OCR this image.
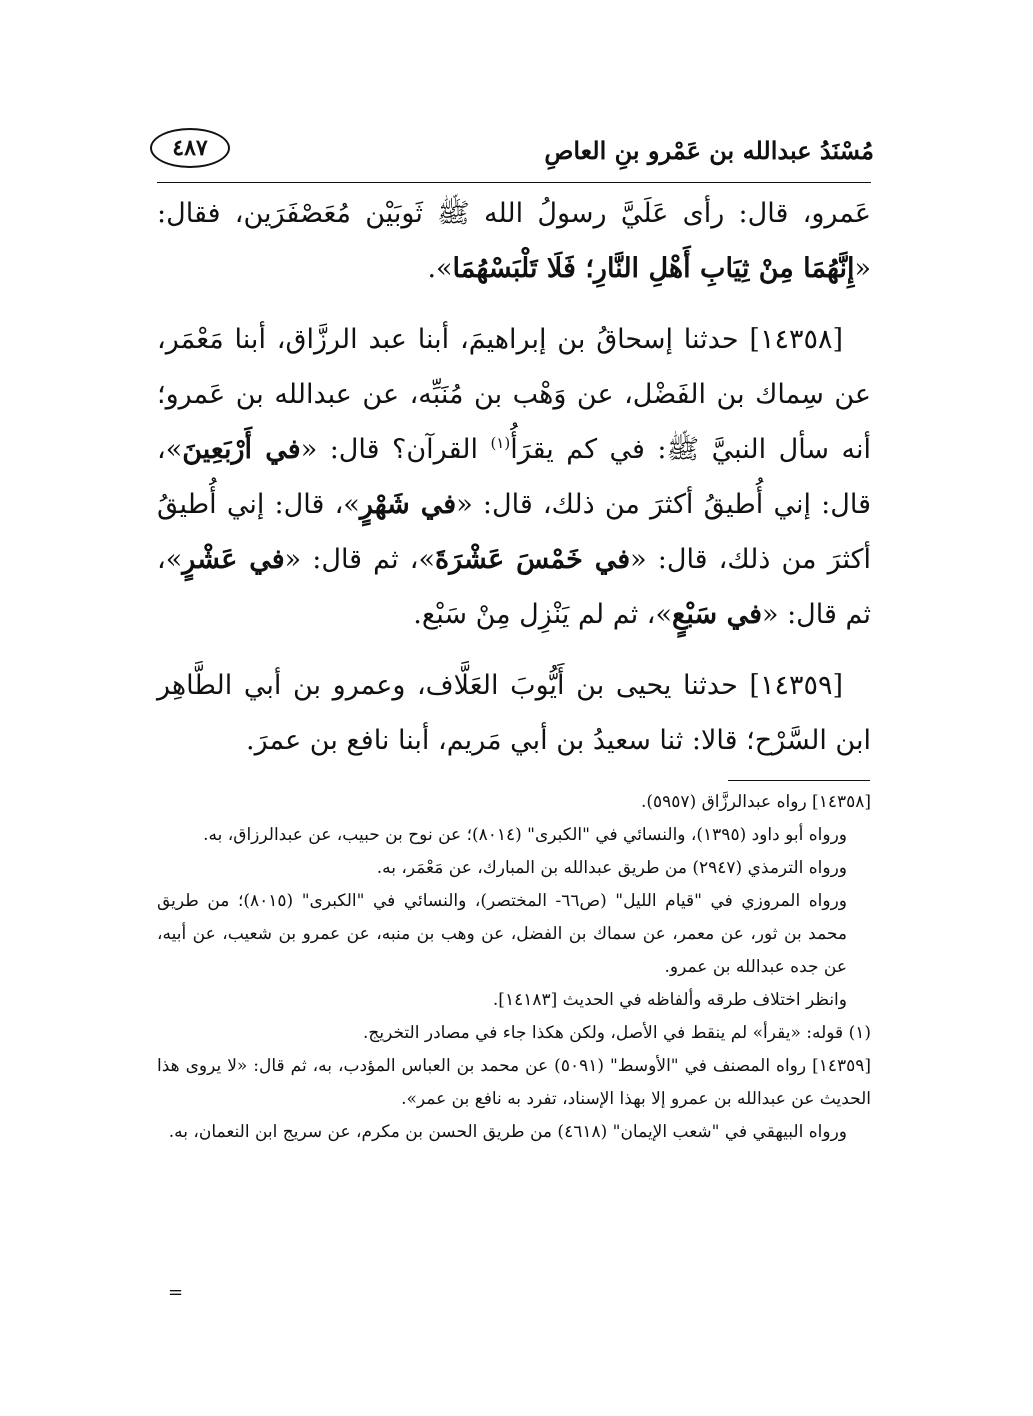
مُسْنَدُ عبدالله بن عَمْرو بنِ العاصِ
٤٨٧

عَمرو، قال: رأى عَلَيَّ رسولُ الله ﷺ ثَوبَيْن مُعَصْفَرَين، فقال: «إِنَّهُمَا مِنْ ثِيَابِ أَهْلِ النَّارِ؛ فَلَا تَلْبَسْهُمَا».

[١٤٣٥٨] حدثنا إسحاقُ بن إبراهيمَ، أبنا عبد الرزَّاق، أبنا مَعْمَر، عن سِماك بن الفَضْل، عن وَهْب بن مُنَبِّه، عن عبدالله بن عَمرو؛ أنه سأل النبيَّ ﷺ: في كم يقرَأُ$^{(١)}$ القرآن؟ قال: «في أَرْبَعِينَ»، قال: إني أُطيقُ أكثرَ من ذلك، قال: «في شَهْرٍ»، قال: إني أُطيقُ أكثرَ من ذلك، قال: «في خَمْسَ عَشْرَةَ»، ثم قال: «في عَشْرٍ»، ثم قال: «في سَبْعٍ»، ثم لم يَنْزِل مِنْ سَبْع.

[١٤٣٥٩] حدثنا يحيى بن أَيُّوبَ العَلَّاف، وعمرو بن أبي الطَّاهِر ابن السَّرْح؛ قالا: ثنا سعيدُ بن أبي مَريم، أبنا نافع بن عمرَ.

[١٤٣٥٨] رواه عبدالرزَّاق (٥٩٥٧).

ورواه أبو داود (١٣٩٥)، والنسائي في "الكبرى" (٨٠١٤)؛ عن نوح بن حبيب، عن عبدالرزاق، به.

ورواه الترمذي (٢٩٤٧) من طريق عبدالله بن المبارك، عن مَعْمَر، به.

ورواه المروزي في "قيام الليل" (ص٦٦- المختصر)، والنسائي في "الكبرى" (٨٠١٥)؛ من طريق محمد بن ثور، عن معمر، عن سماك بن الفضل، عن وهب بن منبه، عن عمرو بن شعيب، عن أبيه، عن جده عبدالله بن عمرو.

وانظر اختلاف طرقه وألفاظه في الحديث [١٤١٨٣].

(١) قوله: «يقرأ» لم ينقط في الأصل، ولكن هكذا جاء في مصادر التخريج.

[١٤٣٥٩] رواه المصنف في "الأوسط" (٥٠٩١) عن محمد بن العباس المؤدب، به، ثم قال: «لا يروى هذا الحديث عن عبدالله بن عمرو إلا بهذا الإسناد، تفرد به نافع بن عمر».

ورواه البيهقي في "شعب الإيمان" (٤٦١٨) من طريق الحسن بن مكرم، عن سريج ابن النعمان، به.

=
